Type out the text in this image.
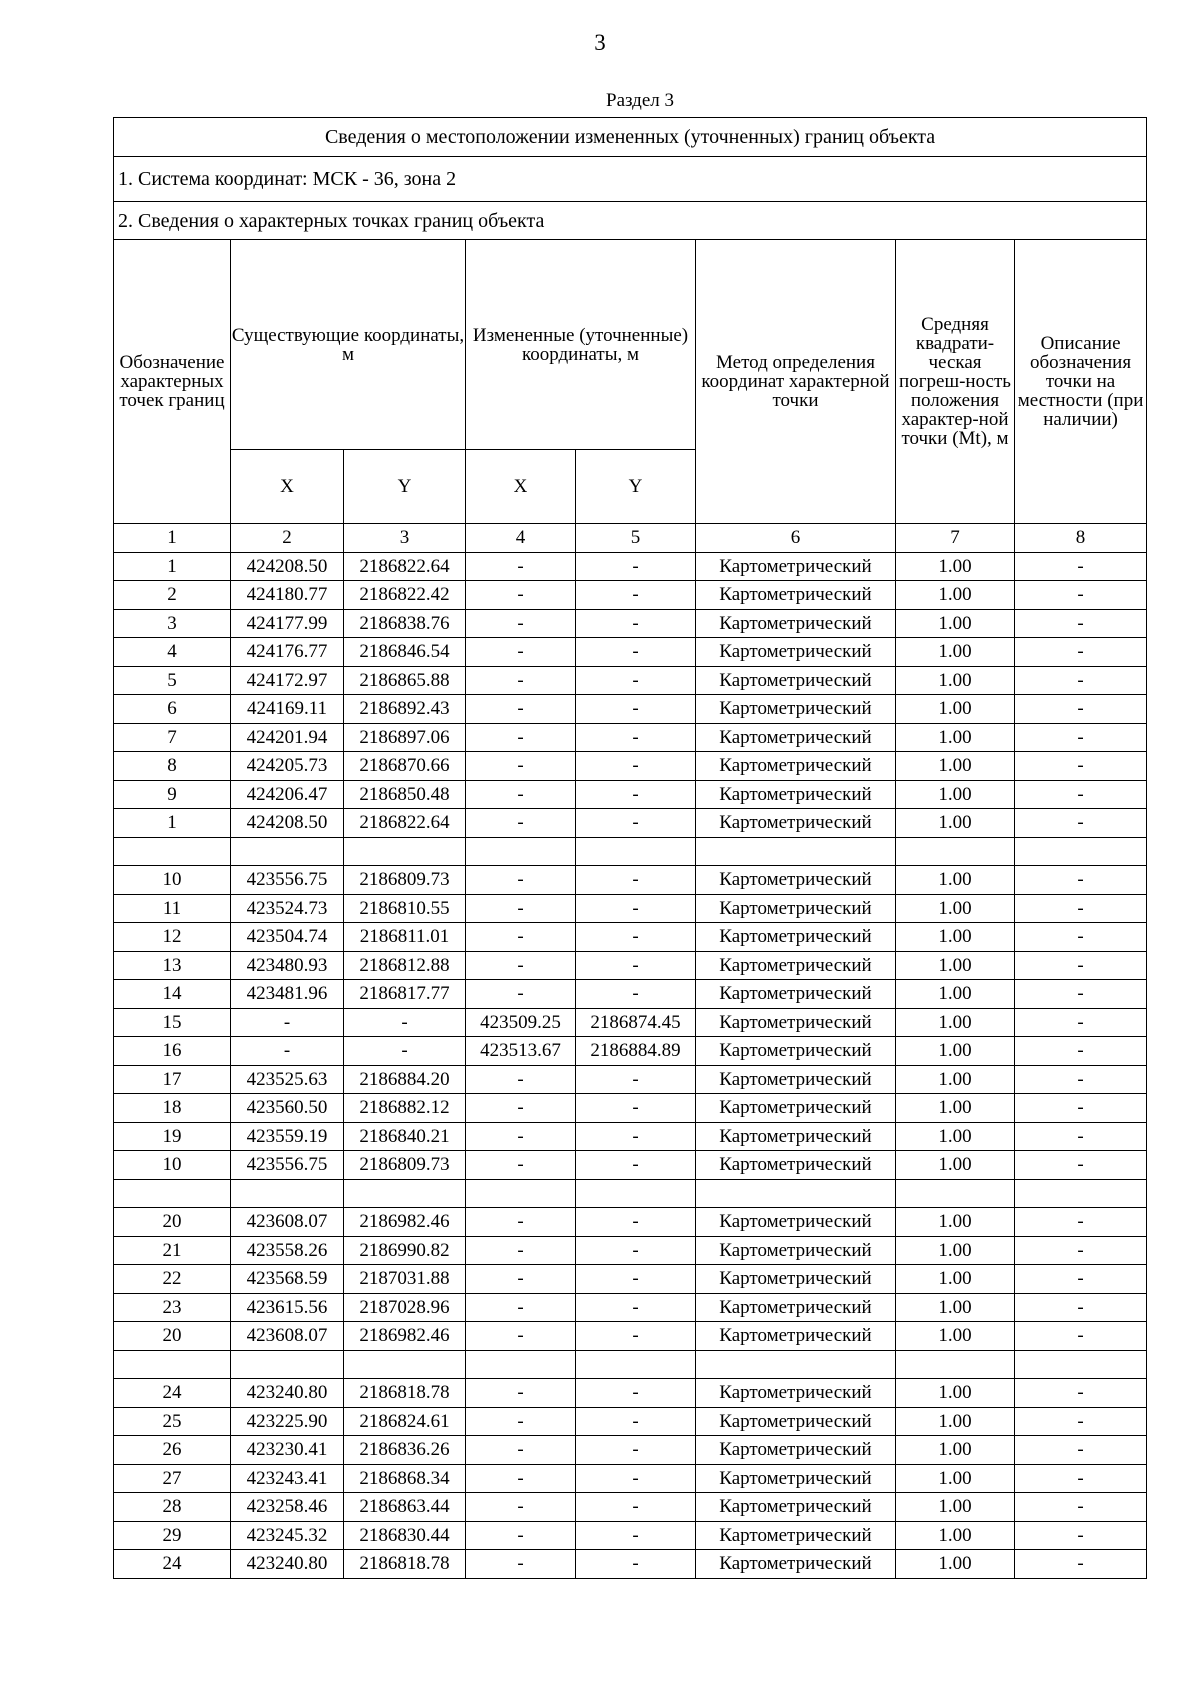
3
Раздел 3
Сведения о местоположении измененных (уточненных) границ объекта							
1. Система координат: МСК - 36, зона 2							
2. Сведения о характерных точках границ объекта							
Обозначение характерных точек границ	Существующие координаты, м		Измененные (уточненные) координаты, м		Метод определения координат характерной точки	Средняя квадрати-ческая погреш-ность положения характер-ной точки (Mt), м	Описание обозначения точки на местности (при наличии)
	X	Y	X	Y			
1	2	3	4	5	6	7	8
1	424208.50	2186822.64	-	-	Картометрический	1.00	-
2	424180.77	2186822.42	-	-	Картометрический	1.00	-
3	424177.99	2186838.76	-	-	Картометрический	1.00	-
4	424176.77	2186846.54	-	-	Картометрический	1.00	-
5	424172.97	2186865.88	-	-	Картометрический	1.00	-
6	424169.11	2186892.43	-	-	Картометрический	1.00	-
7	424201.94	2186897.06	-	-	Картометрический	1.00	-
8	424205.73	2186870.66	-	-	Картометрический	1.00	-
9	424206.47	2186850.48	-	-	Картометрический	1.00	-
1	424208.50	2186822.64	-	-	Картометрический	1.00	-

10	423556.75	2186809.73	-	-	Картометрический	1.00	-
11	423524.73	2186810.55	-	-	Картометрический	1.00	-
12	423504.74	2186811.01	-	-	Картометрический	1.00	-
13	423480.93	2186812.88	-	-	Картометрический	1.00	-
14	423481.96	2186817.77	-	-	Картометрический	1.00	-
15	-	-	423509.25	2186874.45	Картометрический	1.00	-
16	-	-	423513.67	2186884.89	Картометрический	1.00	-
17	423525.63	2186884.20	-	-	Картометрический	1.00	-
18	423560.50	2186882.12	-	-	Картометрический	1.00	-
19	423559.19	2186840.21	-	-	Картометрический	1.00	-
10	423556.75	2186809.73	-	-	Картометрический	1.00	-

20	423608.07	2186982.46	-	-	Картометрический	1.00	-
21	423558.26	2186990.82	-	-	Картометрический	1.00	-
22	423568.59	2187031.88	-	-	Картометрический	1.00	-
23	423615.56	2187028.96	-	-	Картометрический	1.00	-
20	423608.07	2186982.46	-	-	Картометрический	1.00	-

24	423240.80	2186818.78	-	-	Картометрический	1.00	-
25	423225.90	2186824.61	-	-	Картометрический	1.00	-
26	423230.41	2186836.26	-	-	Картометрический	1.00	-
27	423243.41	2186868.34	-	-	Картометрический	1.00	-
28	423258.46	2186863.44	-	-	Картометрический	1.00	-
29	423245.32	2186830.44	-	-	Картометрический	1.00	-
24	423240.80	2186818.78	-	-	Картометрический	1.00	-
